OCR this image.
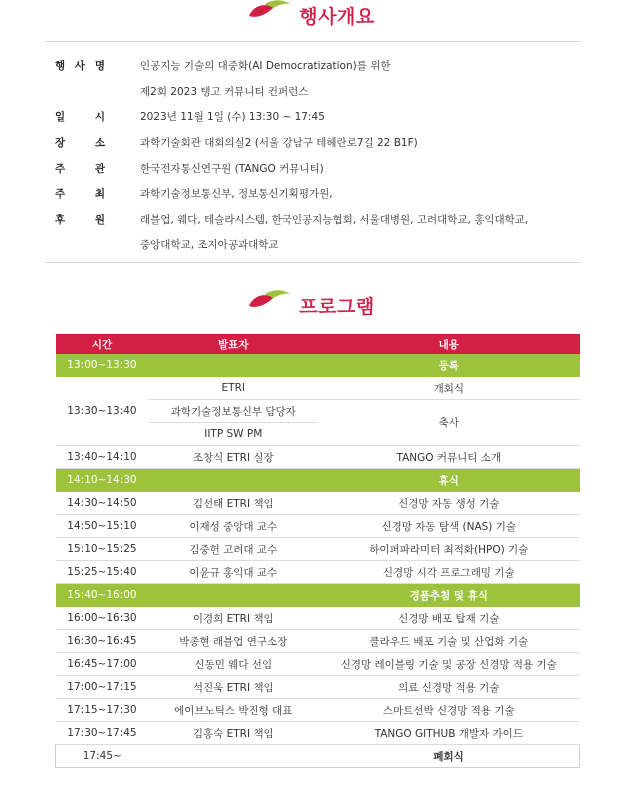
행사개요
행 사 명	인공지능 기술의 대중화(AI Democratization)를 위한
제2회 2023 탱고 커뮤니티 컨퍼런스
일	시	2023년 11월 1일 (수) 13:30 ~ 17:45
장	소	과학기술회관 대회의실2 (서울 강남구 테헤란로7길 22 B1F)
주	관	한국전자통신연구원 (TANGO 커뮤니티)
주	최	과학기술정보통신부, 정보통신기획평가원,
후	원	래블업, 웨다, 테슬라시스템, 한국인공지능협회, 서울대병원, 고려대학교, 홍익대학교,
중앙대학교, 조지아공과대학교
프로그램
시간	발표자	내용
13:00~13:30		등록
13:30~13:40	ETRI	개회식
	과학기술정보통신부 담당자	축사
	IITP SW PM	
13:40~14:10	조창식 ETRI 실장	TANGO 커뮤니티 소개
14:10~14:30		휴식
14:30~14:50	김선태 ETRI 책임	신경망 자동 생성 기술
14:50~15:10	이재성 중앙대 교수	신경망 자동 탐색 (NAS) 기술
15:10~15:25	김중헌 고려대 교수	하이퍼파라미터 최적화(HPO) 기술
15:25~15:40	이윤규 홍익대 교수	신경망 시각 프로그래밍 기술
15:40~16:00		경품추첨 및 휴식
16:00~16:30	이경희 ETRI 책임	신경망 배포 탑재 기술
16:30~16:45	박종현 래블업 연구소장	클라우드 배포 기술 및 산업화 기술
16:45~17:00	신동민 웨다 선임	신경망 레이블링 기술 및 공장 신경망 적용 기술
17:00~17:15	석진욱 ETRI 책임	의료 신경망 적용 기술
17:15~17:30	에이브노틱스 박진형 대표	스마트선박 신경망 적용 기술
17:30~17:45	김홍숙 ETRI 책임	TANGO GITHUB 개발자 가이드
17:45~		폐회식
